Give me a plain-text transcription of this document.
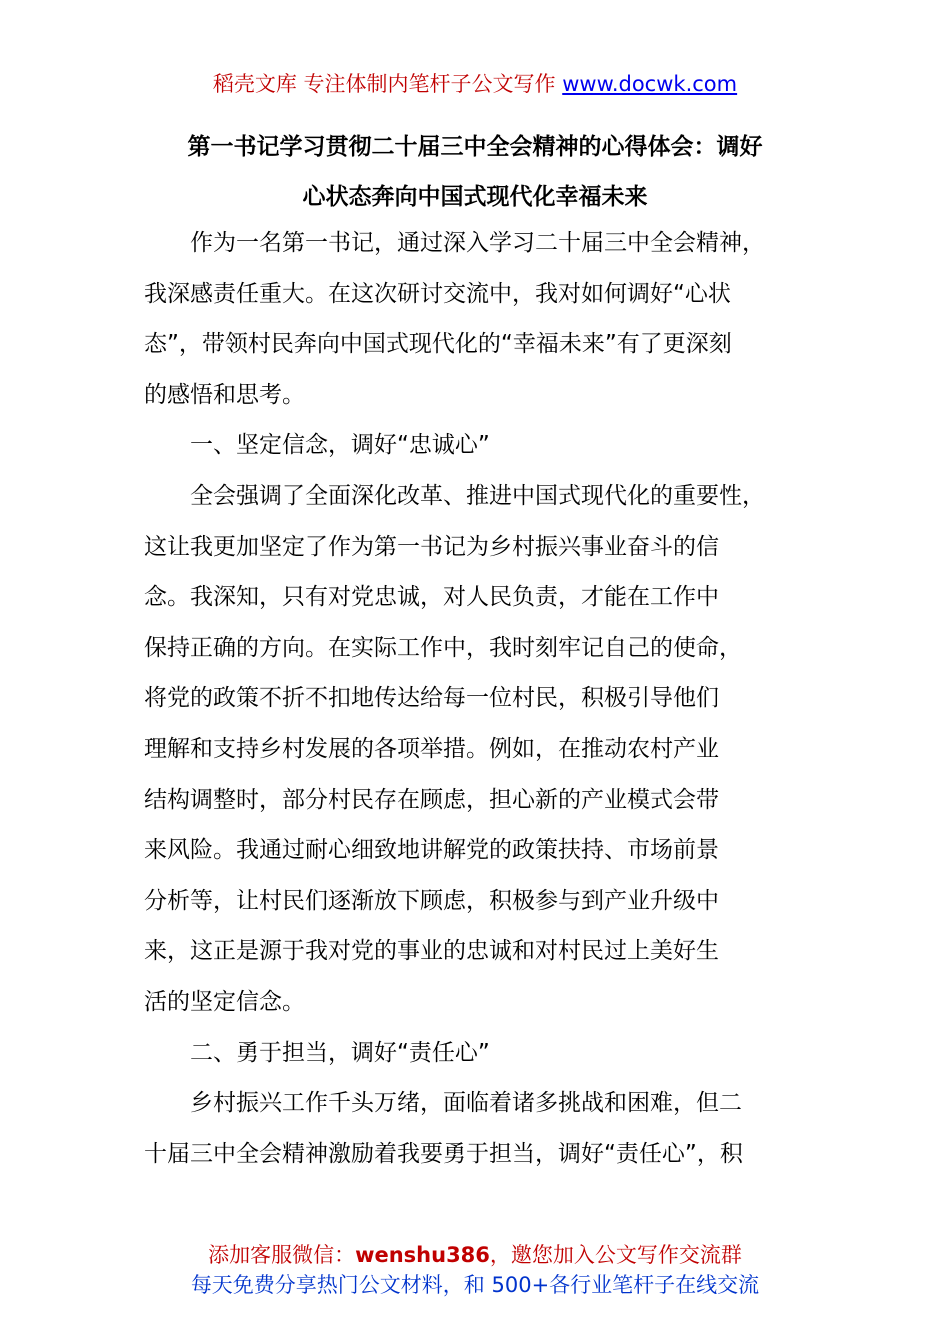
稻壳文库 专注体制内笔杆子公文写作 www.docwk.com
第一书记学习贯彻二十届三中全会精神的心得体会：调好
心状态奔向中国式现代化幸福未来
作为一名第一书记，通过深入学习二十届三中全会精神，
我深感责任重大。在这次研讨交流中，我对如何调好“心状
态”，带领村民奔向中国式现代化的“幸福未来”有了更深刻
的感悟和思考。
一、坚定信念，调好“忠诚心”
全会强调了全面深化改革、推进中国式现代化的重要性，
这让我更加坚定了作为第一书记为乡村振兴事业奋斗的信
念。我深知，只有对党忠诚，对人民负责，才能在工作中
保持正确的方向。在实际工作中，我时刻牢记自己的使命，
将党的政策不折不扣地传达给每一位村民，积极引导他们
理解和支持乡村发展的各项举措。例如，在推动农村产业
结构调整时，部分村民存在顾虑，担心新的产业模式会带
来风险。我通过耐心细致地讲解党的政策扶持、市场前景
分析等，让村民们逐渐放下顾虑，积极参与到产业升级中
来，这正是源于我对党的事业的忠诚和对村民过上美好生
活的坚定信念。
二、勇于担当，调好“责任心”
乡村振兴工作千头万绪，面临着诸多挑战和困难，但二
十届三中全会精神激励着我要勇于担当，调好“责任心”，积
添加客服微信：wenshu386，邀您加入公文写作交流群
每天免费分享热门公文材料，和 500+各行业笔杆子在线交流
